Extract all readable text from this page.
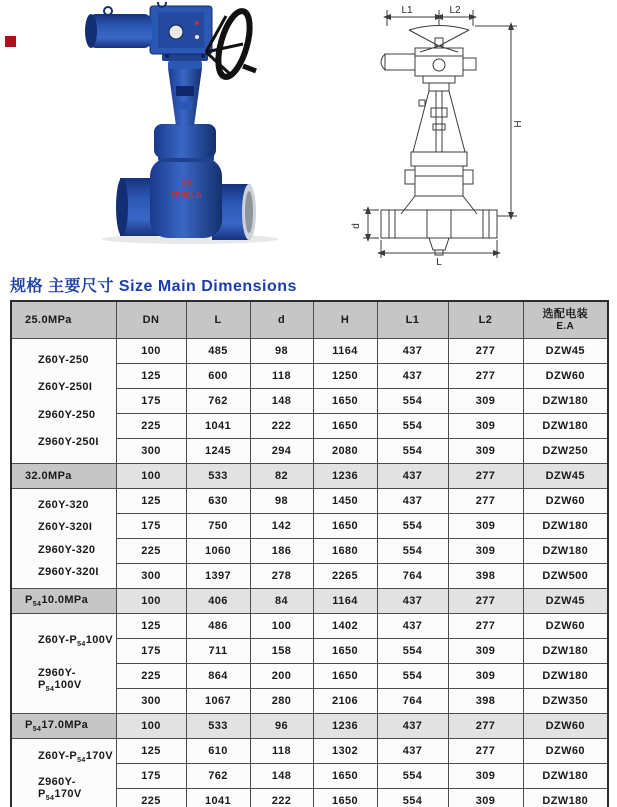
10
1500Lb
L1	L2
H
d
L
规格 主要尺寸 Size Main Dimensions
25.0MPa	DN	L	d	H	L1	L2	选配电装
E.A

Z60Y-250
Z60Y-250I
Z960Y-250
Z960Y-250I	100	485	98	1164	437	277	DZW45
	125	600	118	1250	437	277	DZW60
	175	762	148	1650	554	309	DZW180
	225	1041	222	1650	554	309	DZW180
	300	1245	294	2080	554	309	DZW250
32.0MPa	100	533	82	1236	437	277	DZW45

Z60Y-320
Z60Y-320I
Z960Y-320
Z960Y-320I	125	630	98	1450	437	277	DZW60
	175	750	142	1650	554	309	DZW180
	225	1060	186	1680	554	309	DZW180
	300	1397	278	2265	764	398	DZW500
$P_{54}10.0MPa$	100	406	84	1164	437	277	DZW45

$Z60Y-P_{54}100V$
$Z960Y-P_{54}100V$	125	486	100	1402	437	277	DZW60
	175	711	158	1650	554	309	DZW180
	225	864	200	1650	554	309	DZW180
	300	1067	280	2106	764	398	DZW350
$P_{54}17.0MPa$	100	533	96	1236	437	277	DZW60

$Z60Y-P_{54}170V$
$Z960Y-P_{54}170V$	125	610	118	1302	437	277	DZW60
	175	762	148	1650	554	309	DZW180
	225	1041	222	1650	554	309	DZW180
